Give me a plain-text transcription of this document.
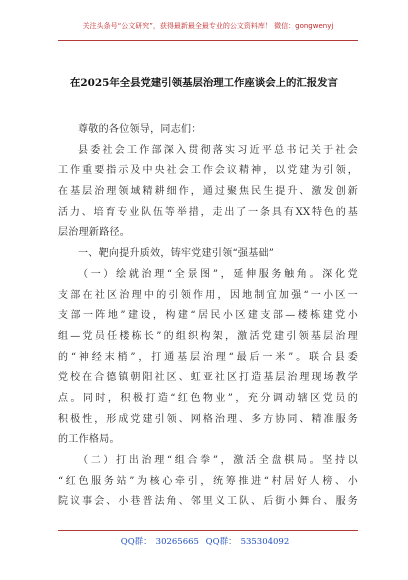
关注头条号“公文研究”，获得最新最全最专业的公文资料库！ 微信：gongwenyj
在2025年全县党建引领基层治理工作座谈会上的汇报发言
尊敬的各位领导，同志们：
县委社会工作部深入贯彻落实习近平总书记关于社会
工作重要指示及中央社会工作会议精神，以党建为引领，
在基层治理领域精耕细作，通过聚焦民生提升、激发创新
活力、培育专业队伍等举措，走出了一条具有XX特色的基
层治理新路径。
一、靶向提升质效，铸牢党建引领“强基础”
（一）绘就治理“全景图”，延伸服务触角。深化党
支部在社区治理中的引领作用，因地制宜加强“一小区一
支部一阵地”建设，构建“居民小区建支部—楼栋建党小
组—党员任楼栋长”的组织构架，激活党建引领基层治理
的“神经末梢”，打通基层治理“最后一米”。联合县委
党校在合德镇朝阳社区、虹亚社区打造基层治理现场教学
点。同时，积极打造“红色物业”，充分调动辖区党员的
积极性，形成党建引领、网格治理、多方协同、精准服务
的工作格局。
（二）打出治理“组合拳”，激活全盘棋局。坚持以
“红色服务站”为核心牵引，统筹推进“村居好人榜、小
院议事会、小巷普法角、邻里义工队、后街小舞台、服务
QQ群： 30265665 QQ群： 535304092
